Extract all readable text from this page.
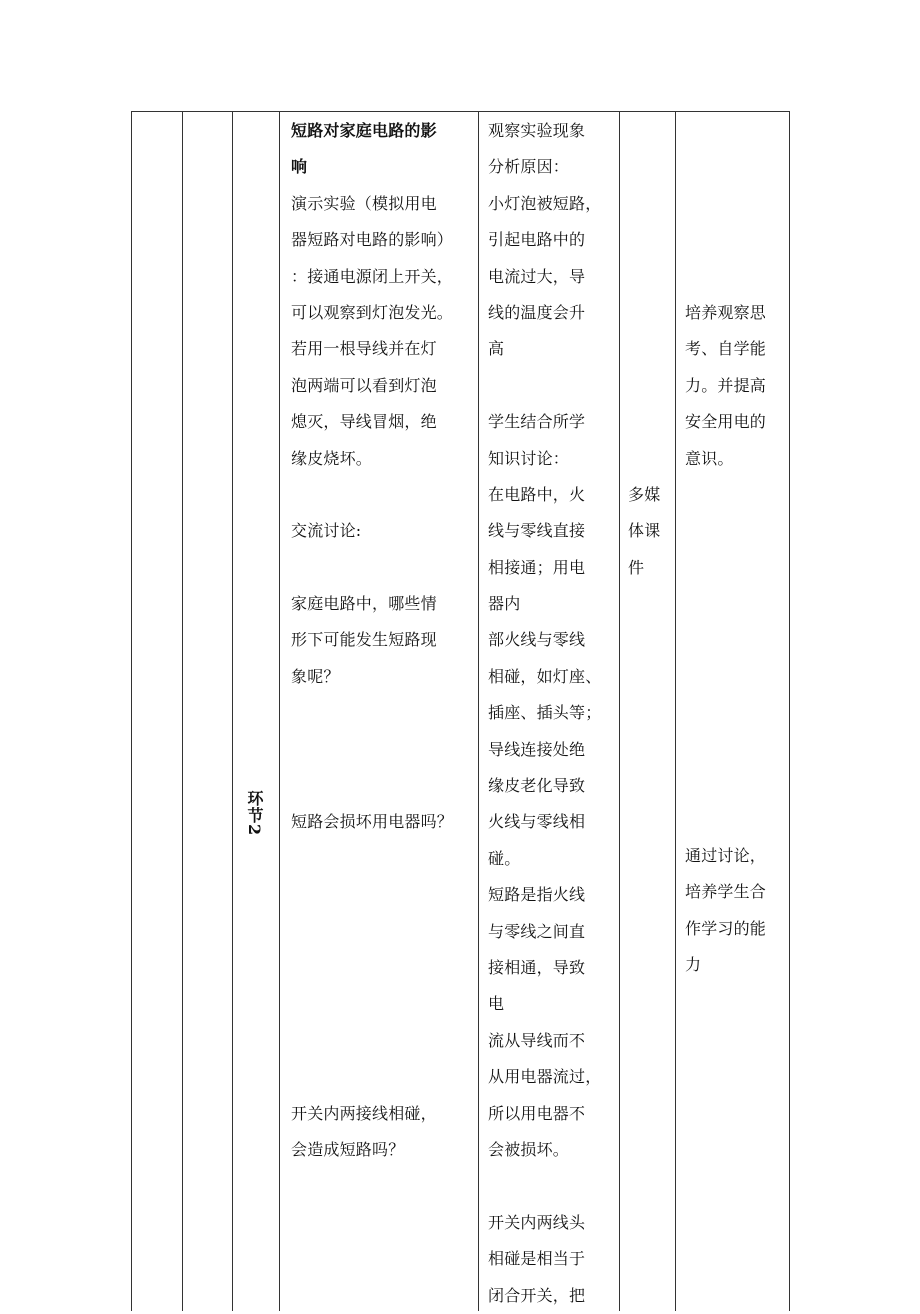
环节2
短路对家庭电路的影
响
演示实验（模拟用电
器短路对电路的影响）
：接通电源闭上开关，
可以观察到灯泡发光。
若用一根导线并在灯
泡两端可以看到灯泡
熄灭，导线冒烟，绝
缘皮烧坏。
交流讨论:
家庭电路中，哪些情
形下可能发生短路现
象呢？
短路会损坏用电器吗？
开关内两接线相碰，
会造成短路吗？
观察实验现象
分析原因：
小灯泡被短路，
引起电路中的
电流过大，导
线的温度会升
高
学生结合所学
知识讨论：
在电路中，火
线与零线直接
相接通；用电
器内
部火线与零线
相碰，如灯座、
插座、插头等；
导线连接处绝
缘皮老化导致
火线与零线相
碰。
短路是指火线
与零线之间直
接相通，导致
电
流从导线而不
从用电器流过，
所以用电器不
会被损坏。
开关内两线头
相碰是相当于
闭合开关，把
多媒
体课
件
培养观察思
考、自学能
力。并提高
安全用电的
意识。
通过讨论，
培养学生合
作学习的能
力
